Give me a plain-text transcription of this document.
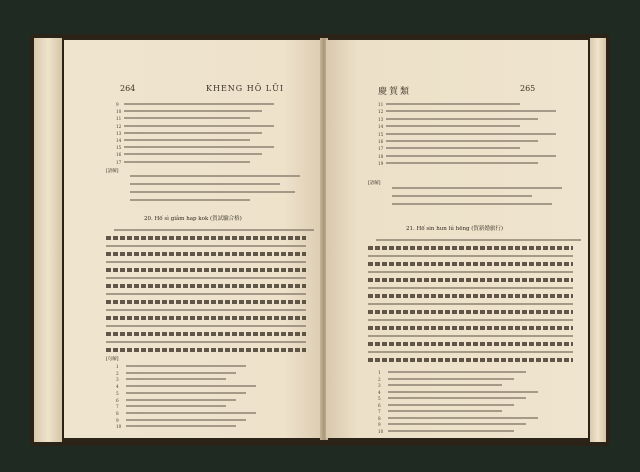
264	KHENG HÖ LŪI
[語解]
20. Hō͘ sì giâm hap kok (賀試驗合格)
[句解]
9
10
11
12
13
14
15
16
17
1
2
3
4
5
6
7
8
9
10
慶賀類	265
[語解]
21. Hō͘ sin hun lú hēng (賀新婚旅行)
11
12
13
14
15
16
17
18
19
1
2
3
4
5
6
7
8
9
10
